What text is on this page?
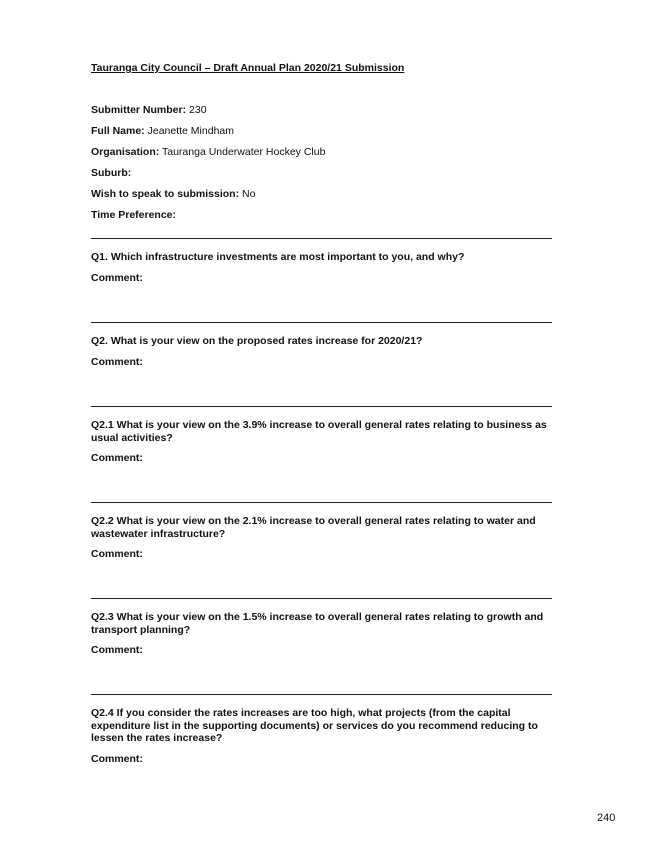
Tauranga City Council – Draft Annual Plan 2020/21 Submission
Submitter Number: 230
Full Name: Jeanette Mindham
Organisation: Tauranga Underwater Hockey Club
Suburb:
Wish to speak to submission: No
Time Preference:
Q1. Which infrastructure investments are most important to you, and why?
Comment:
Q2. What is your view on the proposed rates increase for 2020/21?
Comment:
Q2.1 What is your view on the 3.9% increase to overall general rates relating to business as usual activities?
Comment:
Q2.2 What is your view on the 2.1% increase to overall general rates relating to water and wastewater infrastructure?
Comment:
Q2.3 What is your view on the 1.5% increase to overall general rates relating to growth and transport planning?
Comment:
Q2.4 If you consider the rates increases are too high, what projects (from the capital expenditure list in the supporting documents) or services do you recommend reducing to lessen the rates increase?
Comment:
240
